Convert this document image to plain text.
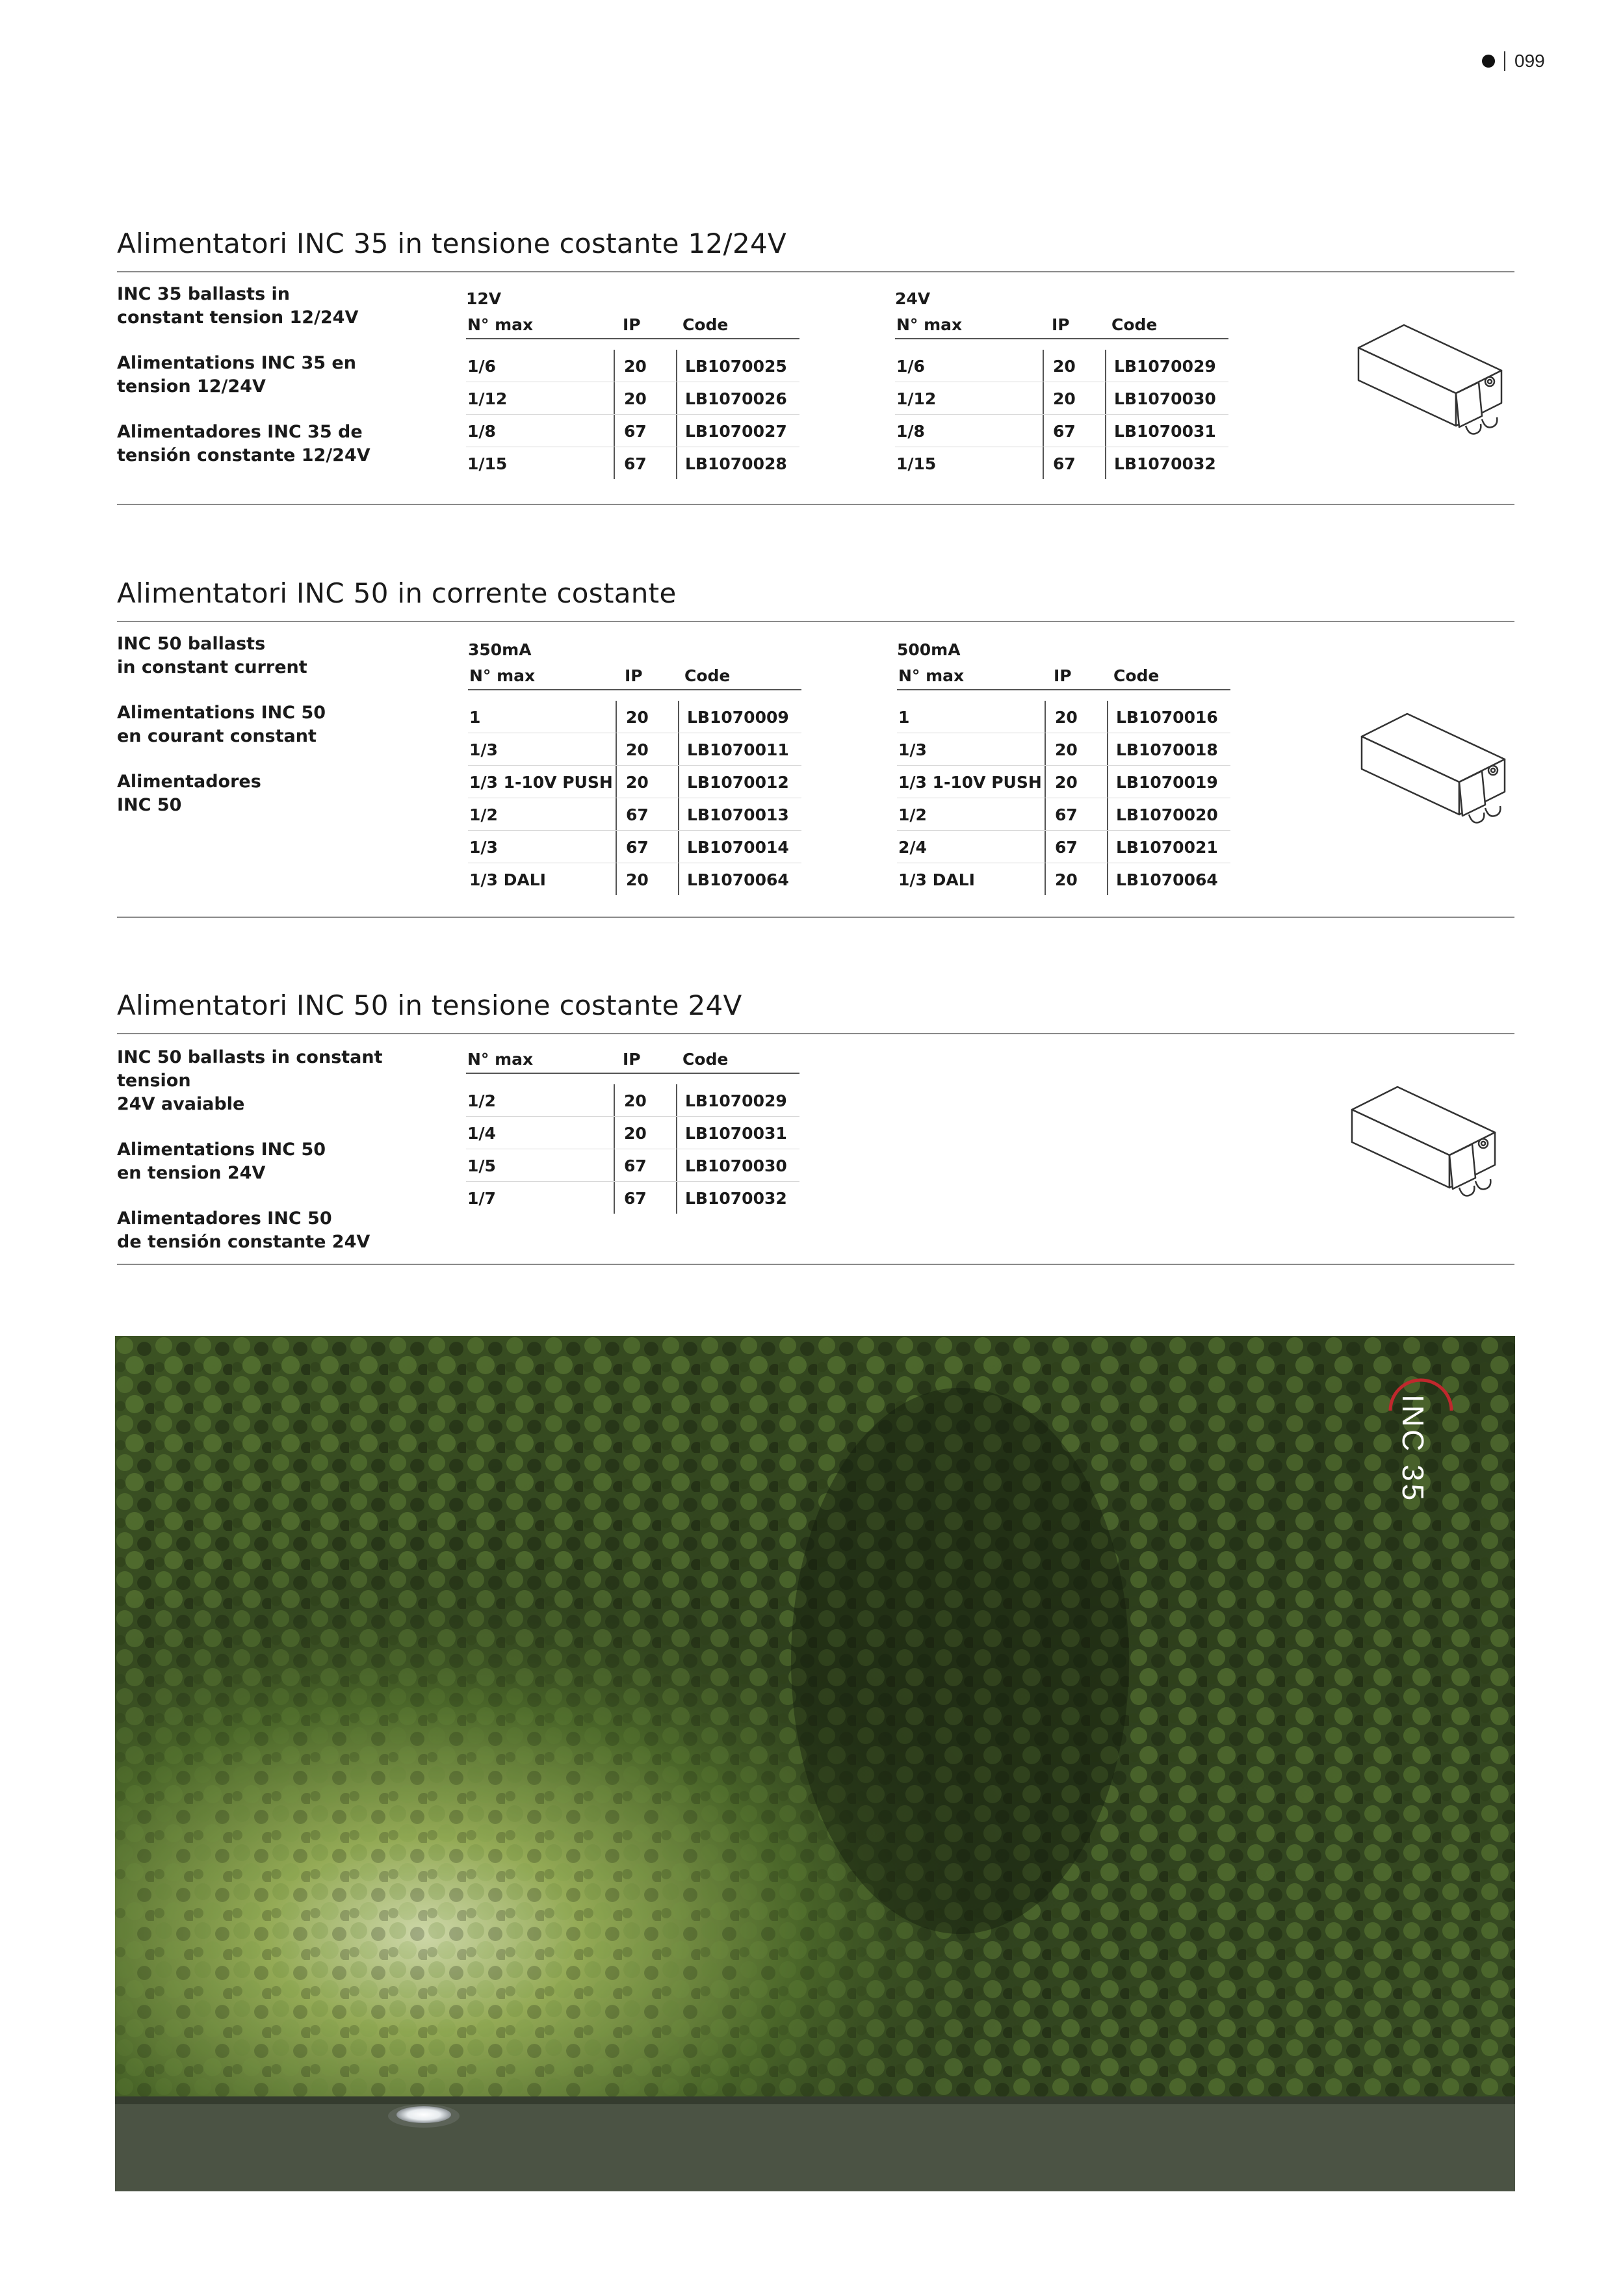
099
Alimentatori INC 35 in tensione costante 12/24V

INC 35 ballasts in
constant tension 12/24V

Alimentations INC 35 en
tension 12/24V

Alimentadores INC 35 de
tensión constante 12/24V

12V
N° max	IP	Code
1/6	20	LB1070025
1/12	20	LB1070026
1/8	67	LB1070027
1/15	67	LB1070028
24V
N° max	IP	Code
1/6	20	LB1070029
1/12	20	LB1070030
1/8	67	LB1070031
1/15	67	LB1070032
Alimentatori INC 50 in corrente costante

INC 50 ballasts
in constant current

Alimentations INC 50
en courant constant

Alimentadores
INC 50

350mA
N° max	IP	Code
1	20	LB1070009
1/3	20	LB1070011
1/3 1-10V PUSH 20	LB1070012
1/2	67	LB1070013
1/3	67	LB1070014
1/3 DALI	20	LB1070064
500mA
N° max	IP	Code
1	20	LB1070016
1/3	20	LB1070018
1/3 1-10V PUSH 20	LB1070019
1/2	67	LB1070020
2/4	67	LB1070021
1/3 DALI	20	LB1070064
Alimentatori INC 50 in tensione costante 24V

INC 50 ballasts in constant tension
24V avaiable

Alimentations INC 50
en tension 24V

Alimentadores INC 50
de tensión constante 24V

N° max	IP	Code
1/2	20	LB1070029
1/4	20	LB1070031
1/5	67	LB1070030
1/7	67	LB1070032
INC 35
